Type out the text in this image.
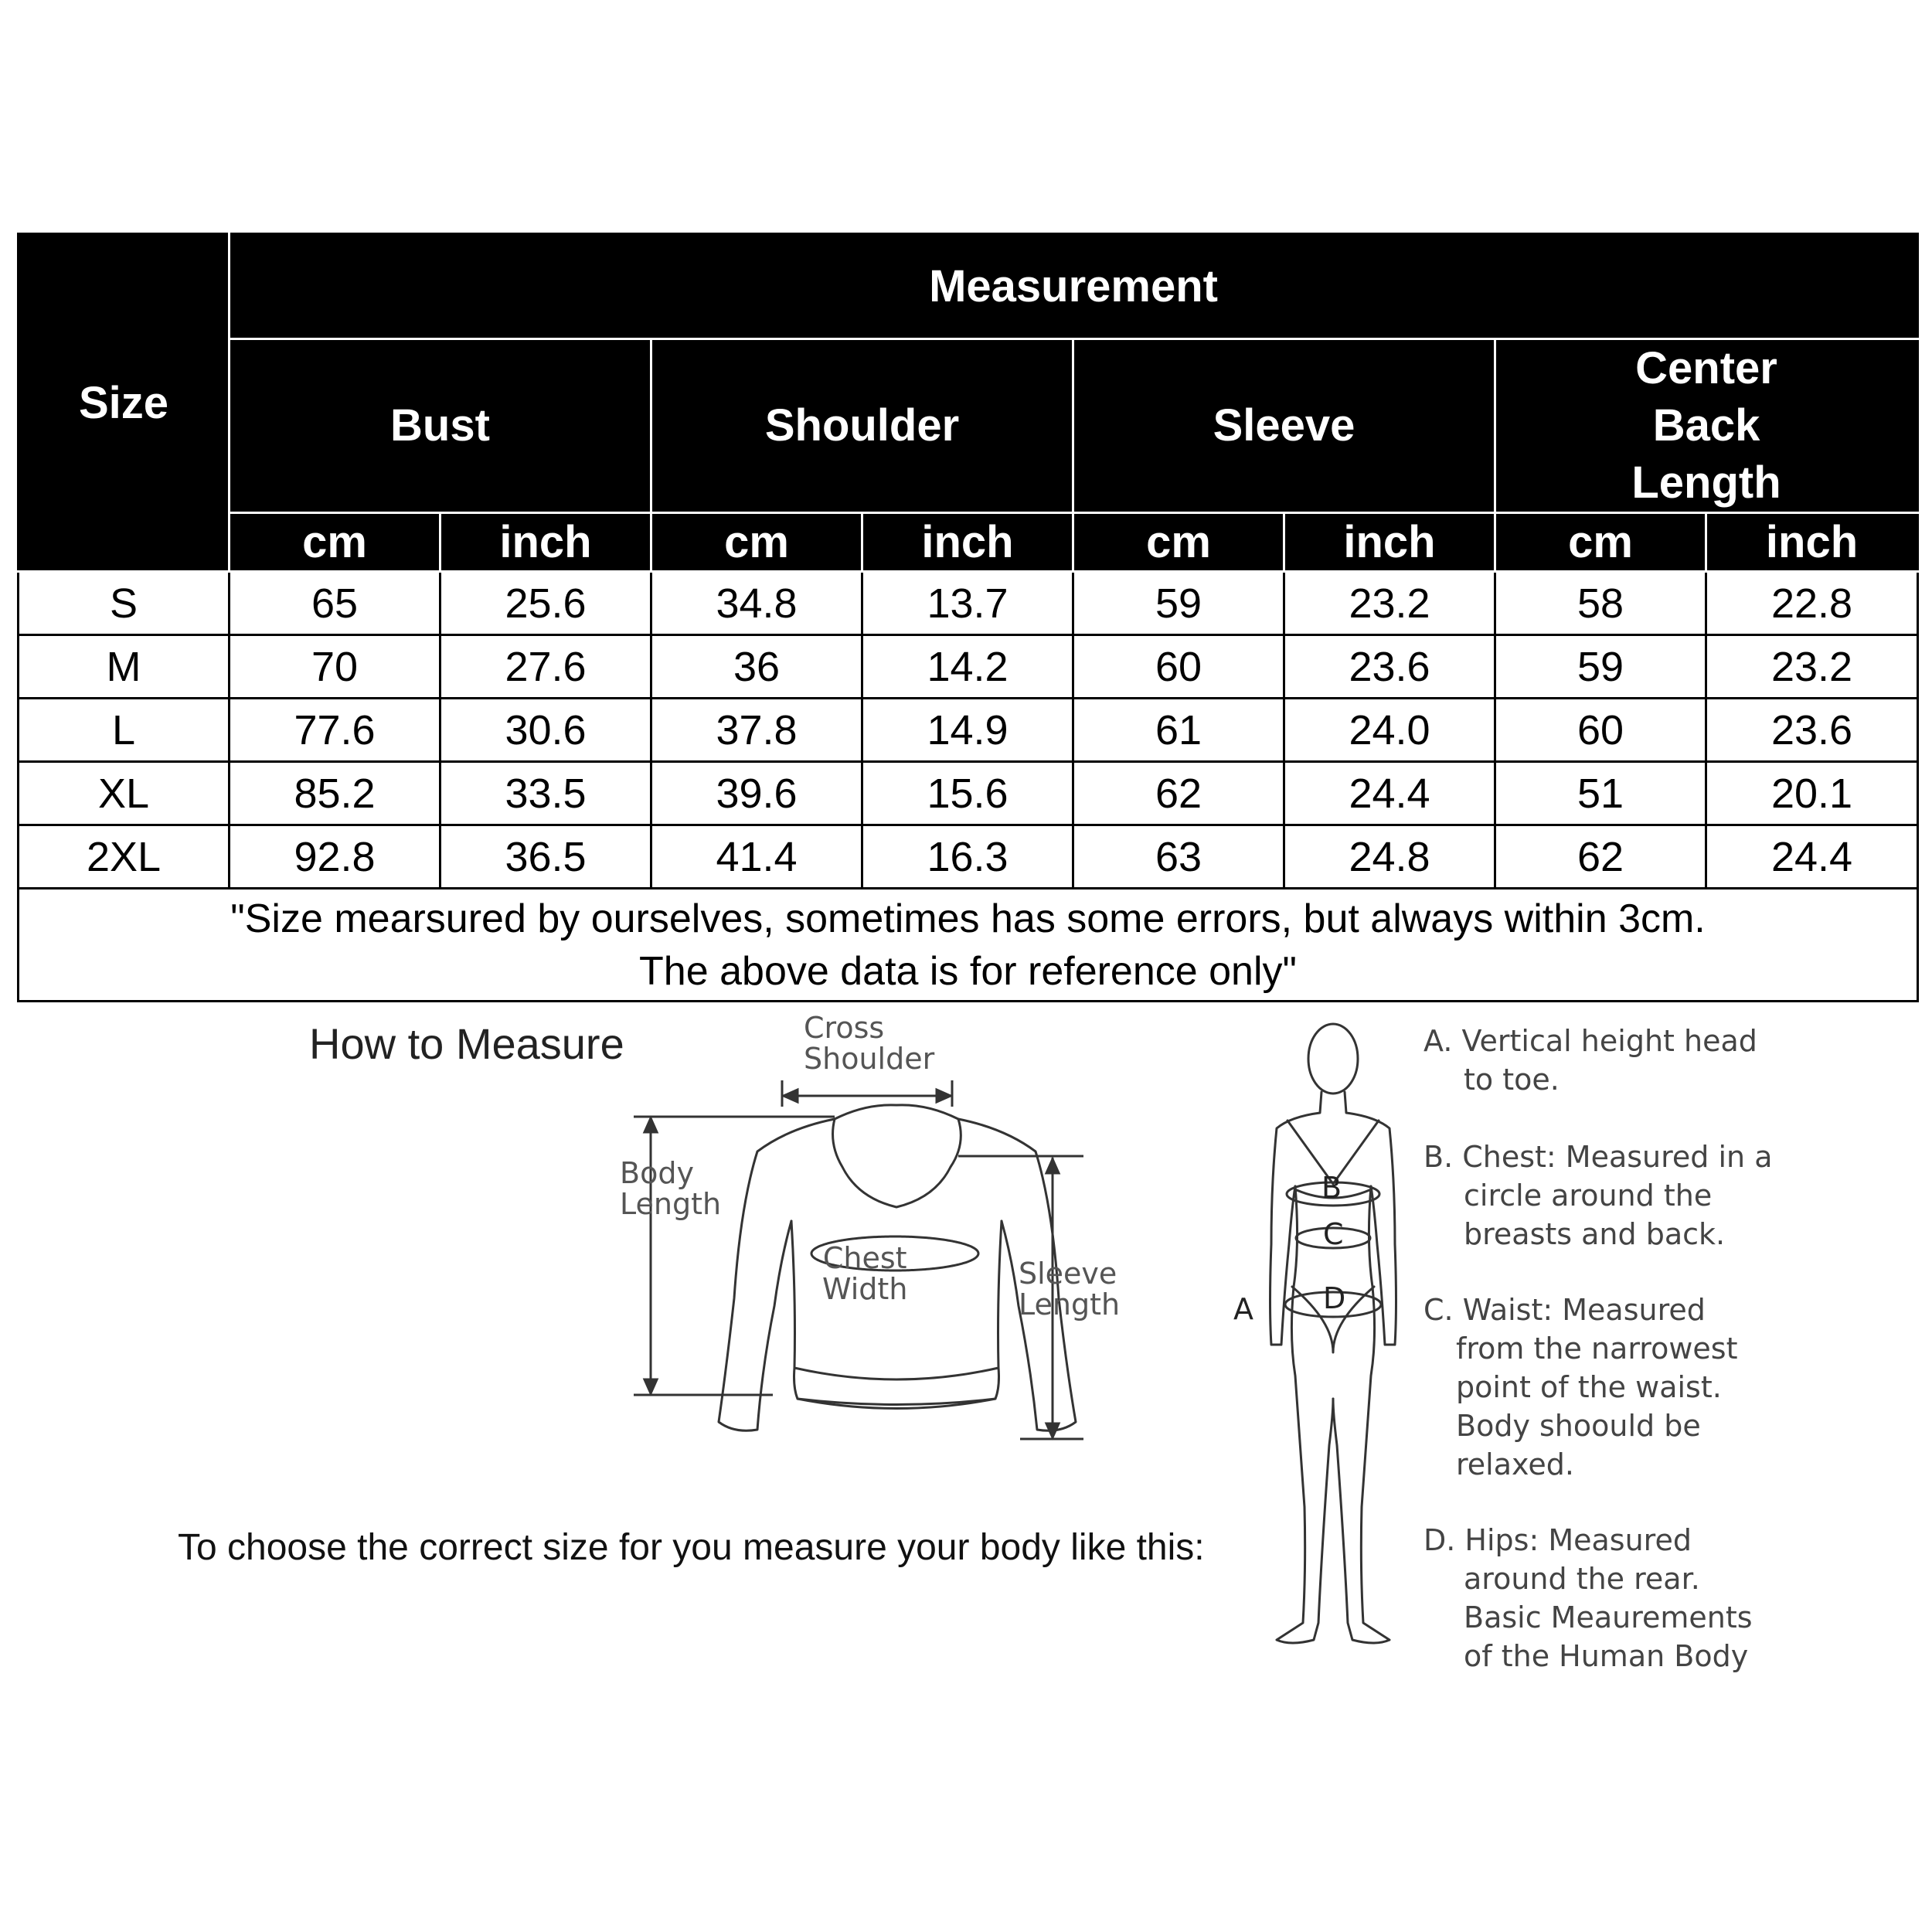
Size	Measurement							
	Bust		Shoulder		Sleeve		Center Back Length	

	cm	inch	cm	inch	cm	inch	cm	inch
S	65	25.6	34.8	13.7	59	23.2	58	22.8
M	70	27.6	36	14.2	60	23.6	59	23.2
L	77.6	30.6	37.8	14.9	61	24.0	60	23.6
XL	85.2	33.5	39.6	15.6	62	24.4	51	20.1
2XL	92.8	36.5	41.4	16.3	63	24.8	62	24.4

"Size mearsured by ourselves, sometimes has some errors, but always within 3cm.
The above data is for reference only"								
How to Measure
To choose the correct size for you measure your body like this:
Cross
Shoulder
Body
Length
Chest
Width	Sleeve
Length
B
C
D
A
A. Vertical height head
to toe.
B. Chest: Measured in a
circle around the
breasts and back.
C. Waist: Measured
from the narrowest
point of the waist.
Body shoould be
relaxed.
D. Hips: Measured
around the rear.
Basic Meaurements
of the Human Body
